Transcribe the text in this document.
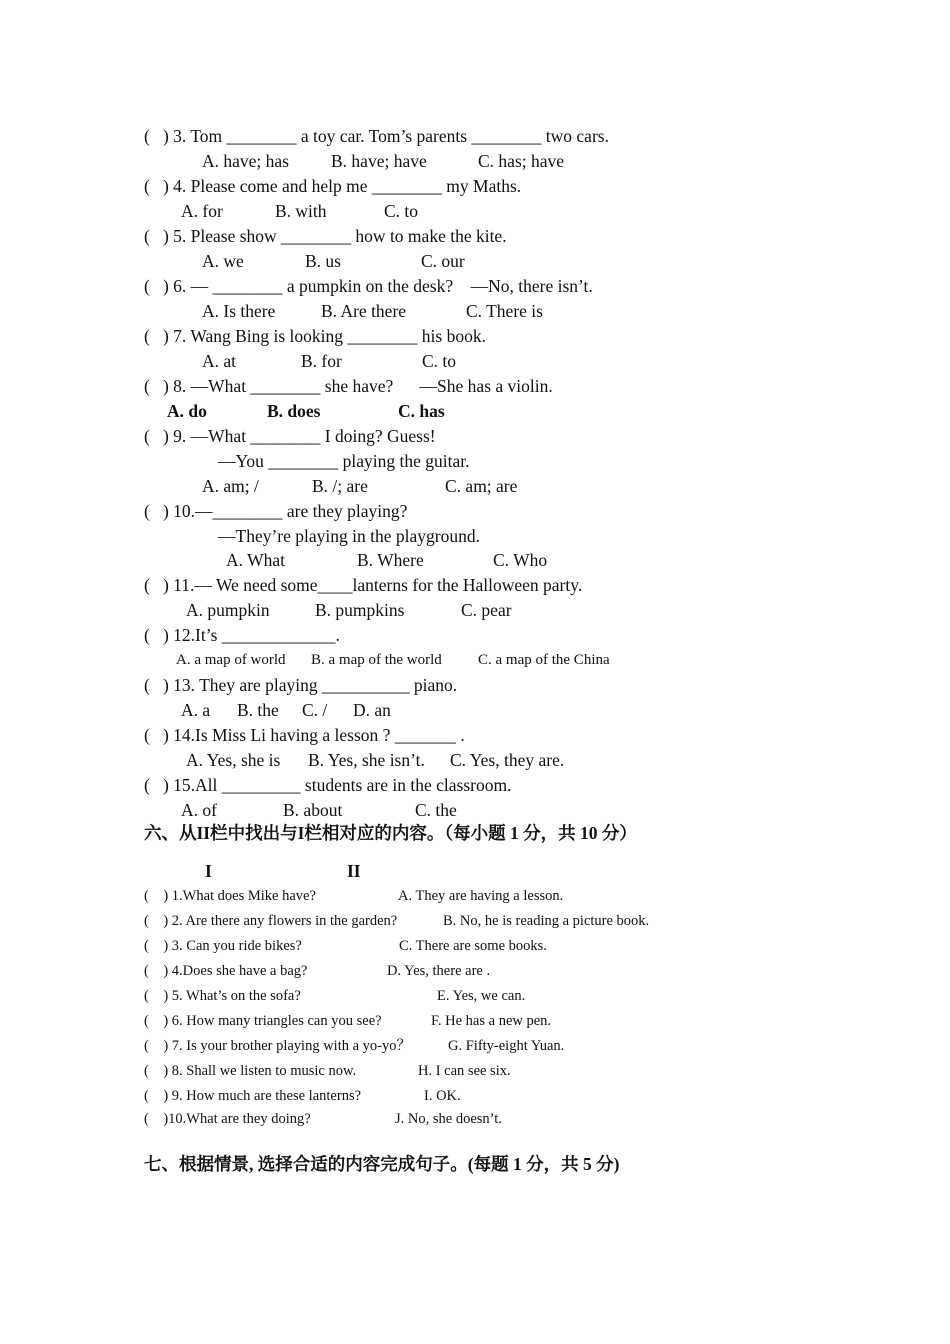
(   ) 3. Tom ________ a toy car. Tom’s parents ________ two cars.
A. have; has B. have; have	C. has; have
(   ) 4. Please come and help me ________ my Maths.
A. for	B. with	C. to
(   ) 5. Please show ________ how to make the kite.
A. we	B. us	C. our
(   ) 6. — ________ a pumpkin on the desk?    —No, there isn’t.
A. Is there	B. Are there	C. There is
(   ) 7. Wang Bing is looking ________ his book.
A. at	B. for	C. to
(   ) 8. —What ________ she have?      —She has a violin.
A. do	B. does	C. has
(   ) 9. —What ________ I doing? Guess!
—You ________ playing the guitar.
A. am; /	B. /; are	C. am; are
(   ) 10.—________ are they playing?
—They’re playing in the playground.
A. What	B. Where	C. Who
(   ) 11.— We need some____lanterns for the Halloween party.
A. pumpkin	B. pumpkins	C. pear
(   ) 12.It’s _____________.
A. a map of world B. a map of the world C. a map of the China
(   ) 13. They are playing __________ piano.
A. a B. the C. / D. an
(   ) 14.Is Miss Li having a lesson ? _______ .
A. Yes, she is B. Yes, she isn’t. C. Yes, they are.
(   ) 15.All _________ students are in the classroom.
A. of	B. about	C. the
六、从II栏中找出与I栏相对应的内容。（每小题 1 分，共 10 分）
I	II
(    ) 1.What does Mike have?	A. They are having a lesson.
(    ) 2. Are there any flowers in the garden?	B. No, he is reading a picture book.
(    ) 3. Can you ride bikes?	C. There are some books.
(    ) 4.Does she have a bag?	D. Yes, there are .
(    ) 5. What’s on the sofa?	E. Yes, we can.
(    ) 6. How many triangles can you see?	F. He has a new pen.
(    ) 7. Is your brother playing with a yo-yo？	G. Fifty-eight Yuan.
(    ) 8. Shall we listen to music now.	H. I can see six.
(    ) 9. How much are these lanterns?	I. OK.
(    )10.What are they doing?	J. No, she doesn’t.
七、根据情景, 选择合适的内容完成句子。(每题 1 分，共 5 分)
